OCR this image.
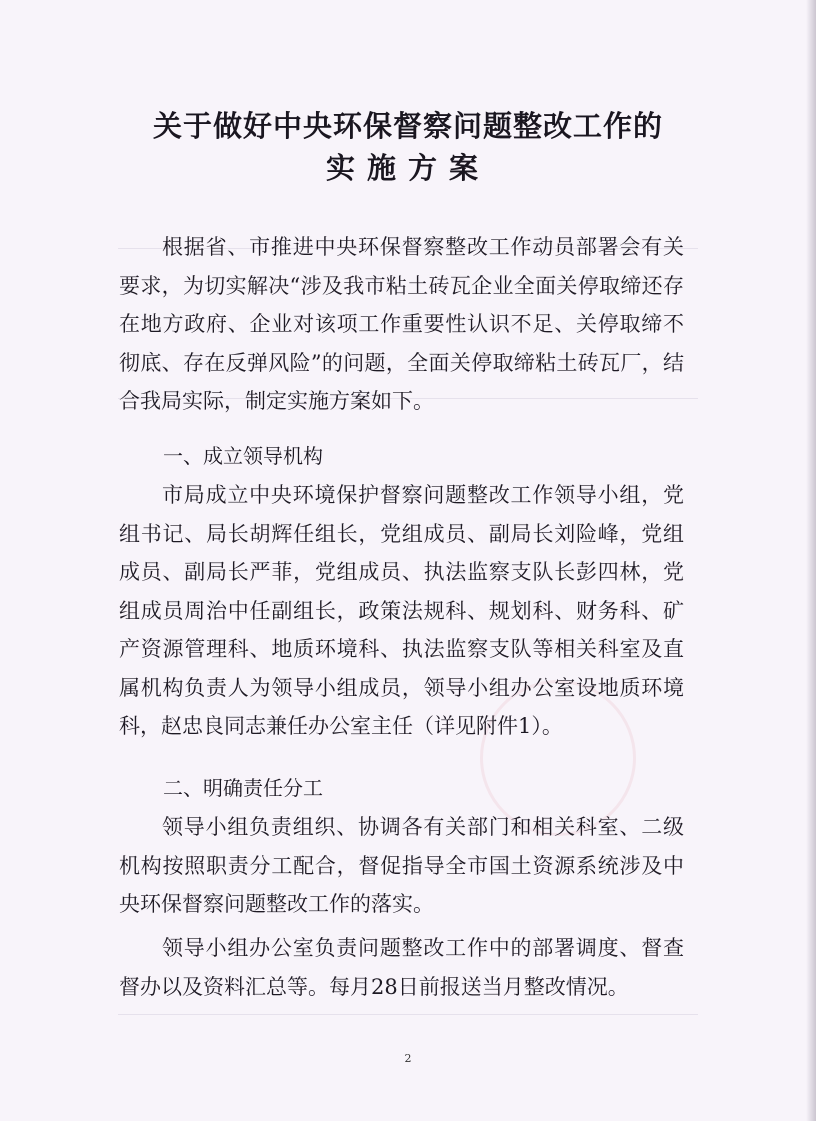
关于做好中央环保督察问题整改工作的
实施方案
根据省、市推进中央环保督察整改工作动员部署会有关要求，为切实解决“涉及我市粘土砖瓦企业全面关停取缔还存在地方政府、企业对该项工作重要性认识不足、关停取缔不彻底、存在反弹风险”的问题，全面关停取缔粘土砖瓦厂，结合我局实际，制定实施方案如下。
一、成立领导机构
市局成立中央环境保护督察问题整改工作领导小组，党组书记、局长胡辉任组长，党组成员、副局长刘险峰，党组成员、副局长严菲，党组成员、执法监察支队长彭四林，党组成员周治中任副组长，政策法规科、规划科、财务科、矿产资源管理科、地质环境科、执法监察支队等相关科室及直属机构负责人为领导小组成员，领导小组办公室设地质环境科，赵忠良同志兼任办公室主任（详见附件1）。
二、明确责任分工
领导小组负责组织、协调各有关部门和相关科室、二级机构按照职责分工配合，督促指导全市国土资源系统涉及中央环保督察问题整改工作的落实。
领导小组办公室负责问题整改工作中的部署调度、督查督办以及资料汇总等。每月28日前报送当月整改情况。
2
